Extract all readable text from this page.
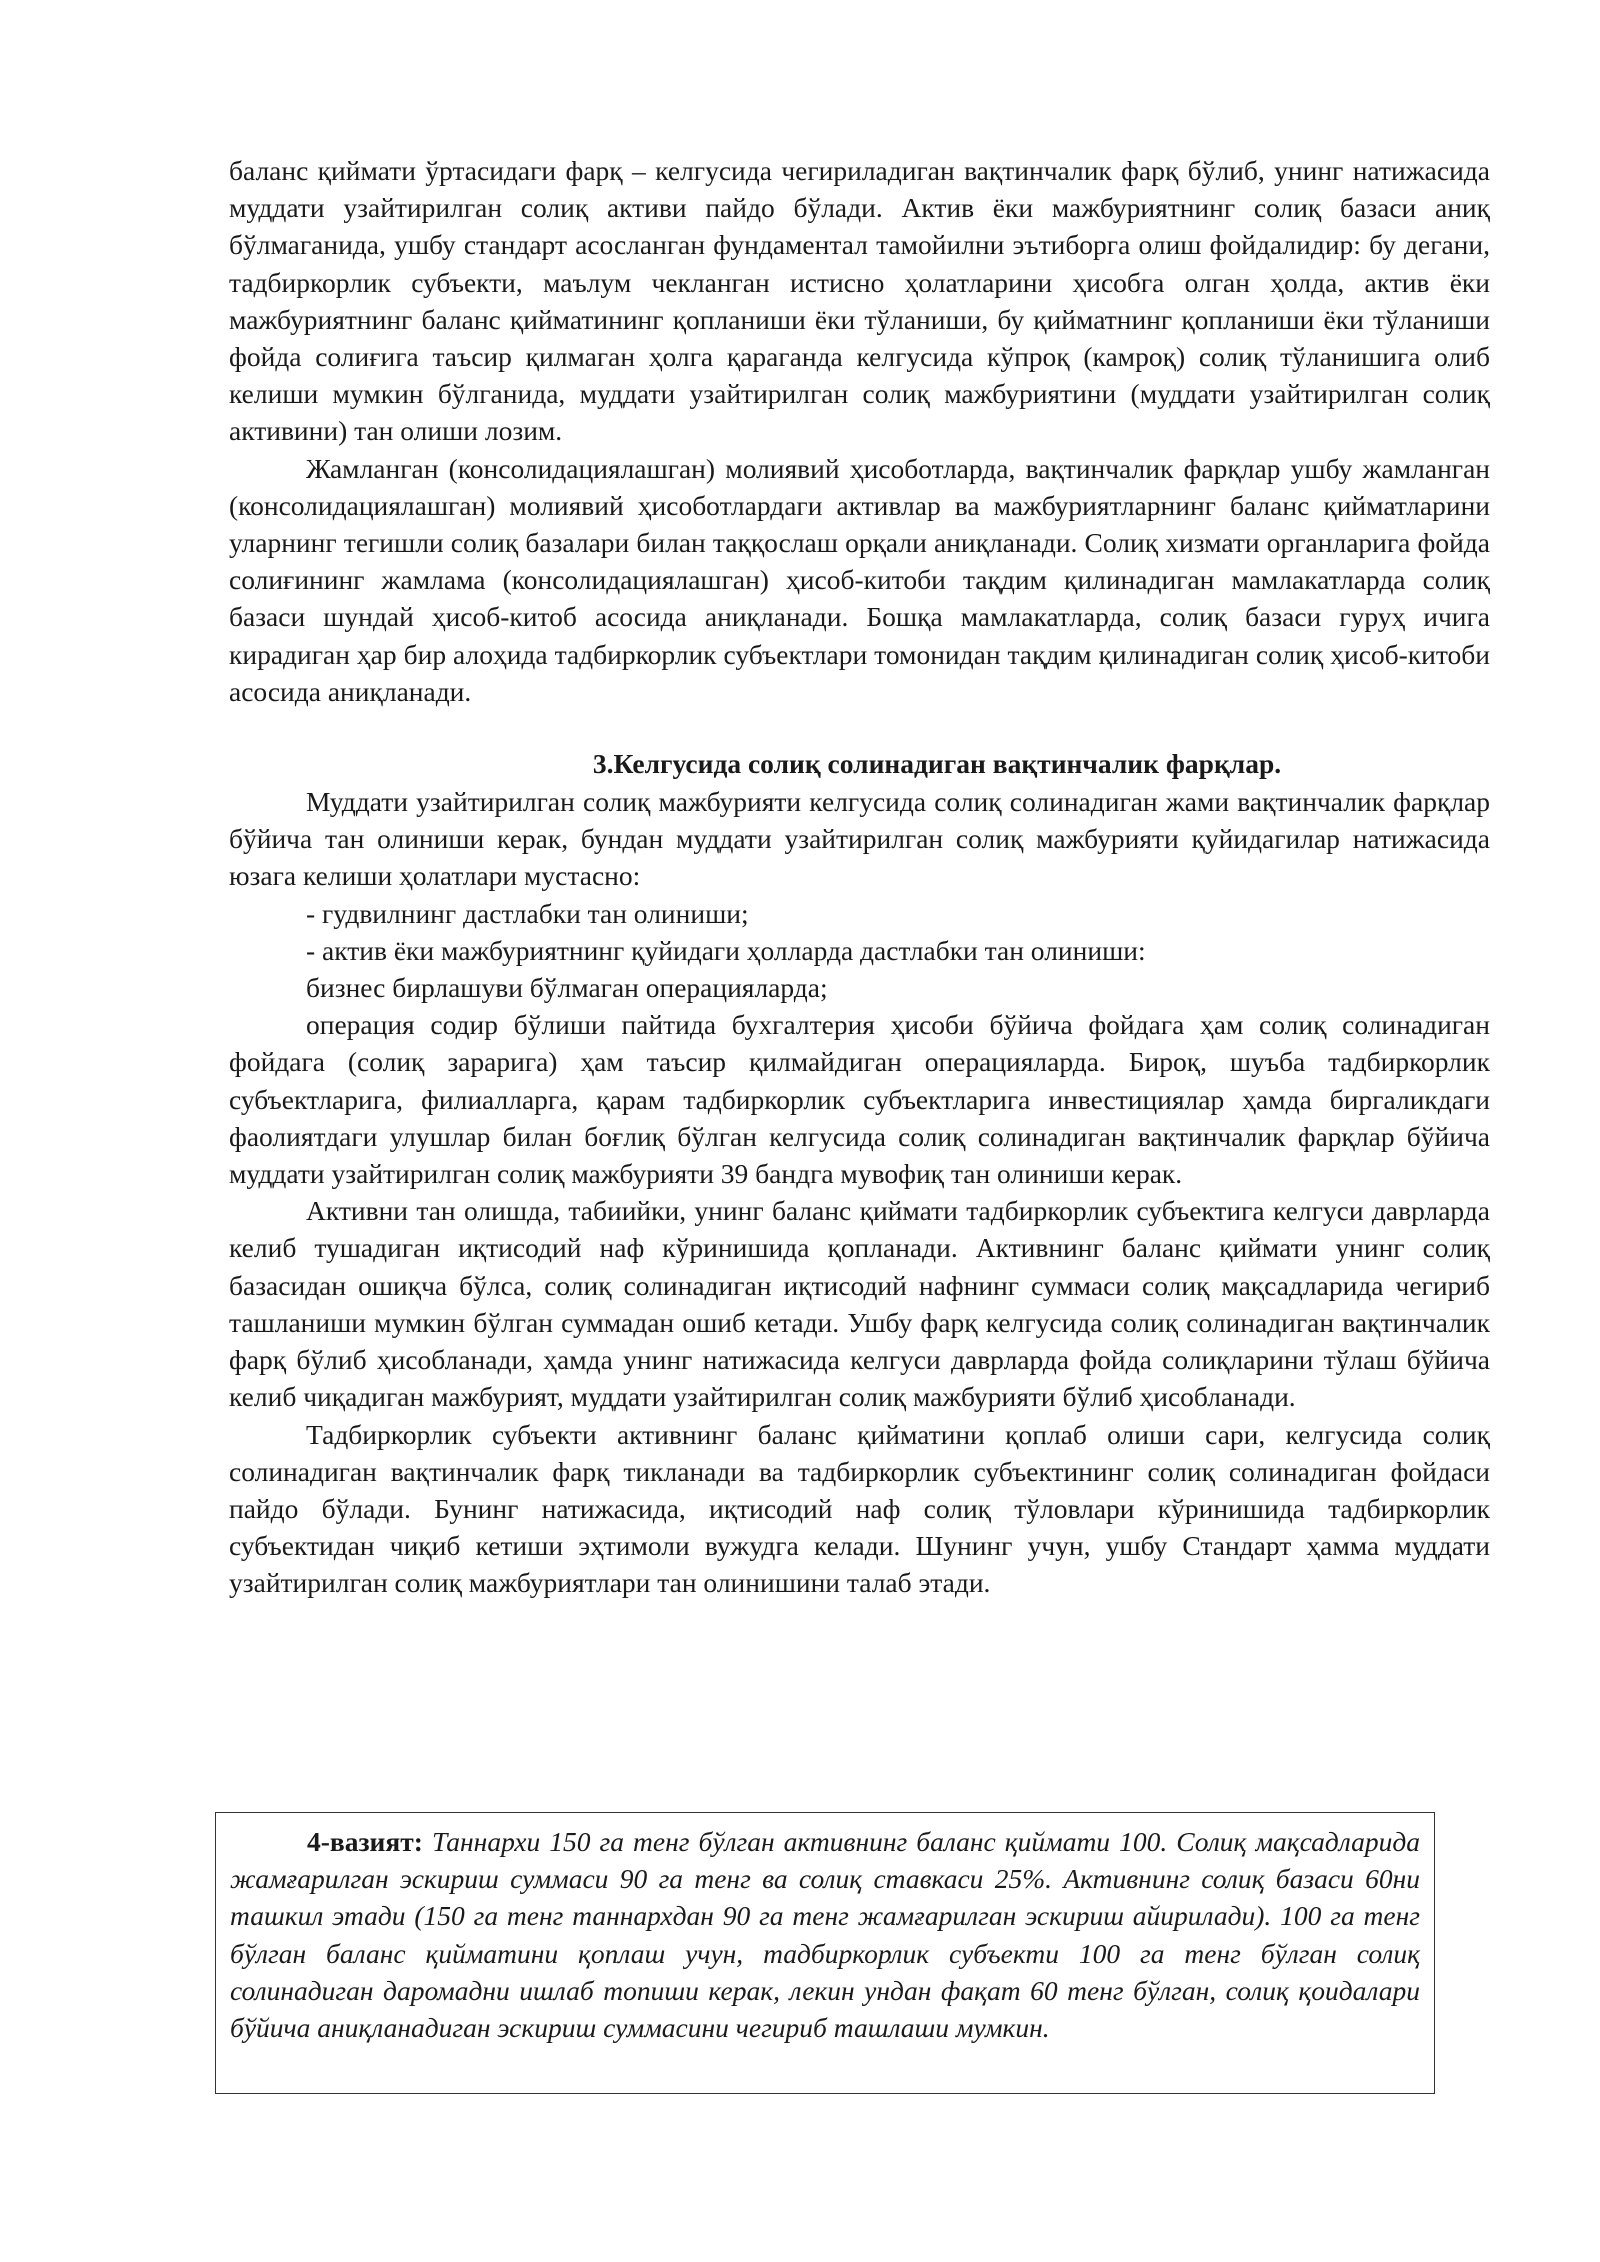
баланс қиймати ўртасидаги фарқ – келгусида чегириладиган вақтинчалик фарқ бўлиб, унинг натижасида муддати узайтирилган солиқ активи пайдо бўлади. Актив ёки мажбуриятнинг солиқ базаси аниқ бўлмаганида, ушбу стандарт асосланган фундаментал тамойилни эътиборга олиш фойдалидир: бу дегани, тадбиркорлик субъекти, маълум чекланган истисно ҳолатларини ҳисобга олган ҳолда, актив ёки мажбуриятнинг баланс қийматининг қопланиши ёки тўланиши, бу қийматнинг қопланиши ёки тўланиши фойда солиғига таъсир қилмаган ҳолга қараганда келгусида кўпроқ (камроқ) солиқ тўланишига олиб келиши мумкин бўлганида, муддати узайтирилган солиқ мажбуриятини (муддати узайтирилган солиқ активини) тан олиши лозим.

Жамланган (консолидациялашган) молиявий ҳисоботларда, вақтинчалик фарқлар ушбу жамланган (консолидациялашган) молиявий ҳисоботлардаги активлар ва мажбуриятларнинг баланс қийматларини уларнинг тегишли солиқ базалари билан таққослаш орқали аниқланади. Солиқ хизмати органларига фойда солиғининг жамлама (консолидациялашган) ҳисоб-китоби тақдим қилинадиган мамлакатларда солиқ базаси шундай ҳисоб-китоб асосида аниқланади. Бошқа мамлакатларда, солиқ базаси гуруҳ ичига кирадиган ҳар бир алоҳида тадбиркорлик субъектлари томонидан тақдим қилинадиган солиқ ҳисоб-китоби асосида аниқланади.

3.Келгусида солиқ солинадиган вақтинчалик фарқлар.

Муддати узайтирилган солиқ мажбурияти келгусида солиқ солинадиган жами вақтинчалик фарқлар бўйича тан олиниши керак, бундан муддати узайтирилган солиқ мажбурияти қуйидагилар натижасида юзага келиши ҳолатлари мустасно:

- гудвилнинг дастлабки тан олиниши;

- актив ёки мажбуриятнинг қуйидаги ҳолларда дастлабки тан олиниши:

бизнес бирлашуви бўлмаган операцияларда;

операция содир бўлиши пайтида бухгалтерия ҳисоби бўйича фойдага ҳам солиқ солинадиган фойдага (солиқ зарарига) ҳам таъсир қилмайдиган операцияларда. Бироқ, шуъба тадбиркорлик субъектларига, филиалларга, қарам тадбиркорлик субъектларига инвестициялар ҳамда биргаликдаги фаолиятдаги улушлар билан боғлиқ бўлган келгусида солиқ солинадиган вақтинчалик фарқлар бўйича муддати узайтирилган солиқ мажбурияти 39 бандга мувофиқ тан олиниши керак.

Активни тан олишда, табиийки, унинг баланс қиймати тадбиркорлик субъектига келгуси даврларда келиб тушадиган иқтисодий наф кўринишида қопланади. Активнинг баланс қиймати унинг солиқ базасидан ошиқча бўлса, солиқ солинадиган иқтисодий нафнинг суммаси солиқ мақсадларида чегириб ташланиши мумкин бўлган суммадан ошиб кетади. Ушбу фарқ келгусида солиқ солинадиган вақтинчалик фарқ бўлиб ҳисобланади, ҳамда унинг натижасида келгуси даврларда фойда солиқларини тўлаш бўйича келиб чиқадиган мажбурият, муддати узайтирилган солиқ мажбурияти бўлиб ҳисобланади.

Тадбиркорлик субъекти активнинг баланс қийматини қоплаб олиши сари, келгусида солиқ солинадиган вақтинчалик фарқ тикланади ва тадбиркорлик субъектининг солиқ солинадиган фойдаси пайдо бўлади. Бунинг натижасида, иқтисодий наф солиқ тўловлари кўринишида тадбиркорлик субъектидан чиқиб кетиши эҳтимоли вужудга келади. Шунинг учун, ушбу Стандарт ҳамма муддати узайтирилган солиқ мажбуриятлари тан олинишини талаб этади.

4-вазият: Таннархи 150 га тенг бўлган активнинг баланс қиймати 100. Солиқ мақсадларида жамғарилган эскириш суммаси 90 га тенг ва солиқ ставкаси 25%. Активнинг солиқ базаси 60ни ташкил этади (150 га тенг таннархдан 90 га тенг жамғарилган эскириш айирилади). 100 га тенг бўлган баланс қийматини қоплаш учун, тадбиркорлик субъекти 100 га тенг бўлган солиқ солинадиган даромадни ишлаб топиши керак, лекин ундан фақат 60 тенг бўлган, солиқ қоидалари бўйича аниқланадиган эскириш суммасини чегириб ташлаши мумкин.
